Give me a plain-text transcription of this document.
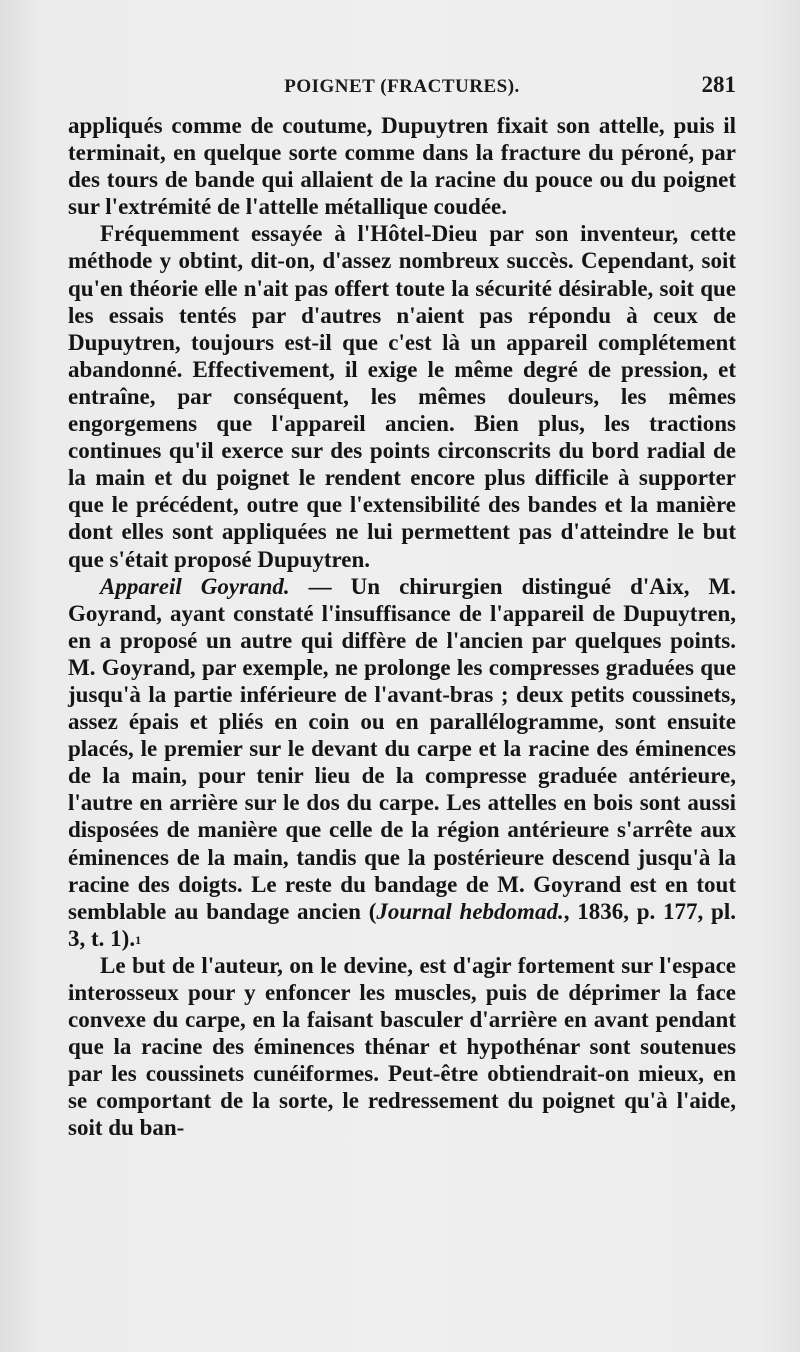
POIGNET (FRACTURES).	281

appliqués comme de coutume, Dupuytren fixait son attelle, puis il terminait, en quelque sorte comme dans la fracture du péroné, par des tours de bande qui allaient de la racine du pouce ou du poignet sur l'extrémité de l'attelle métallique coudée.

Fréquemment essayée à l'Hôtel-Dieu par son inventeur, cette méthode y obtint, dit-on, d'assez nombreux succès. Cependant, soit qu'en théorie elle n'ait pas offert toute la sécurité désirable, soit que les essais tentés par d'autres n'aient pas répondu à ceux de Dupuytren, toujours est-il que c'est là un appareil complétement abandonné. Effectivement, il exige le même degré de pression, et entraîne, par conséquent, les mêmes douleurs, les mêmes engorgemens que l'appareil ancien. Bien plus, les tractions continues qu'il exerce sur des points circonscrits du bord radial de la main et du poignet le rendent encore plus difficile à supporter que le précédent, outre que l'extensibilité des bandes et la manière dont elles sont appliquées ne lui permettent pas d'atteindre le but que s'était proposé Dupuytren.

Appareil Goyrand. — Un chirurgien distingué d'Aix, M. Goyrand, ayant constaté l'insuffisance de l'appareil de Dupuytren, en a proposé un autre qui diffère de l'ancien par quelques points. M. Goyrand, par exemple, ne prolonge les compresses graduées que jusqu'à la partie inférieure de l'avant-bras ; deux petits coussinets, assez épais et pliés en coin ou en parallélogramme, sont ensuite placés, le premier sur le devant du carpe et la racine des éminences de la main, pour tenir lieu de la compresse graduée antérieure, l'autre en arrière sur le dos du carpe. Les attelles en bois sont aussi disposées de manière que celle de la région antérieure s'arrête aux éminences de la main, tandis que la postérieure descend jusqu'à la racine des doigts. Le reste du bandage de M. Goyrand est en tout semblable au bandage ancien (Journal hebdomad., 1836, p. 177, pl. 3, t. 1).$^1$

Le but de l'auteur, on le devine, est d'agir fortement sur l'espace interosseux pour y enfoncer les muscles, puis de déprimer la face convexe du carpe, en la faisant basculer d'arrière en avant pendant que la racine des éminences thénar et hypothénar sont soutenues par les coussinets cunéiformes. Peut-être obtiendrait-on mieux, en se comportant de la sorte, le redressement du poignet qu'à l'aide, soit du ban-
